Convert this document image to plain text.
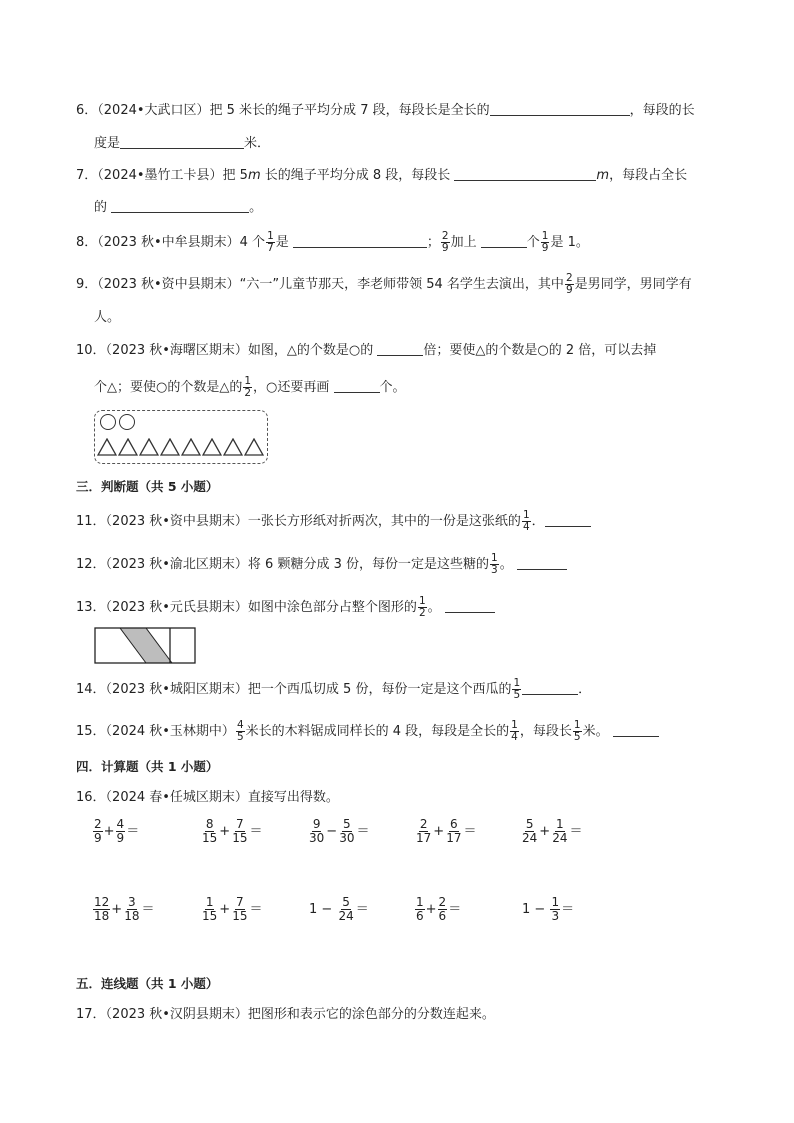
6．（2024•大武口区）把 5 米长的绳子平均分成 7 段，每段长是全长的	，每段的长
度是	米．
7．（2024•墨竹工卡县）把 5m 长的绳子平均分成 8 段，每段长	m，每段占全长
的	。
8．（2023 秋•中牟县期末）4 个 $\frac{1}{7}$ 是	； $\frac{2}{9}$ 加上	个 $\frac{1}{9}$ 是 1。
9．（2023 秋•资中县期末）“六一”儿童节那天，李老师带领 54 名学生去演出，其中 $\frac{2}{9}$ 是男同学，男同学有
人。
10．（2023 秋•海曙区期末）如图，△的个数是○的	倍；要使△的个数是○的 2 倍，可以去掉
个△；要使○的个数是△的 $\frac{1}{2}$ ，○还要再画	个。
三．判断题（共 5 小题）
11．（2023 秋•资中县期末）一张长方形纸对折两次，其中的一份是这张纸的 $\frac{1}{4}$ ．
12．（2023 秋•渝北区期末）将 6 颗糖分成 3 份，每份一定是这些糖的 $\frac{1}{3}$ 。
13．（2023 秋•元氏县期末）如图中涂色部分占整个图形的 $\frac{1}{2}$ 。
14．（2023 秋•城阳区期末）把一个西瓜切成 5 份，每份一定是这个西瓜的 $\frac{1}{5}$	．
15．（2024 秋•玉林期中） $\frac{4}{5}$ 米长的木料锯成同样长的 4 段，每段是全长的 $\frac{1}{4}$ ，每段长 $\frac{1}{5}$ 米。
四．计算题（共 1 小题）
16．（2024 春•任城区期末）直接写出得数。
$\frac{2}{9} + \frac{4}{9}$ ＝	$\frac{8}{15} + \frac{7}{15}$ ＝	$\frac{9}{30} - \frac{5}{30}$ ＝	$\frac{2}{17} + \frac{6}{17}$ ＝	$\frac{5}{24} + \frac{1}{24}$ ＝
$\frac{12}{18} + \frac{3}{18}$ ＝	$\frac{1}{15} + \frac{7}{15}$ ＝	$1 - \frac{5}{24}$ ＝	$\frac{1}{6} + \frac{2}{6}$ ＝	$1 - \frac{1}{3}$ ＝
五．连线题（共 1 小题）
17．（2023 秋•汉阴县期末）把图形和表示它的涂色部分的分数连起来。
